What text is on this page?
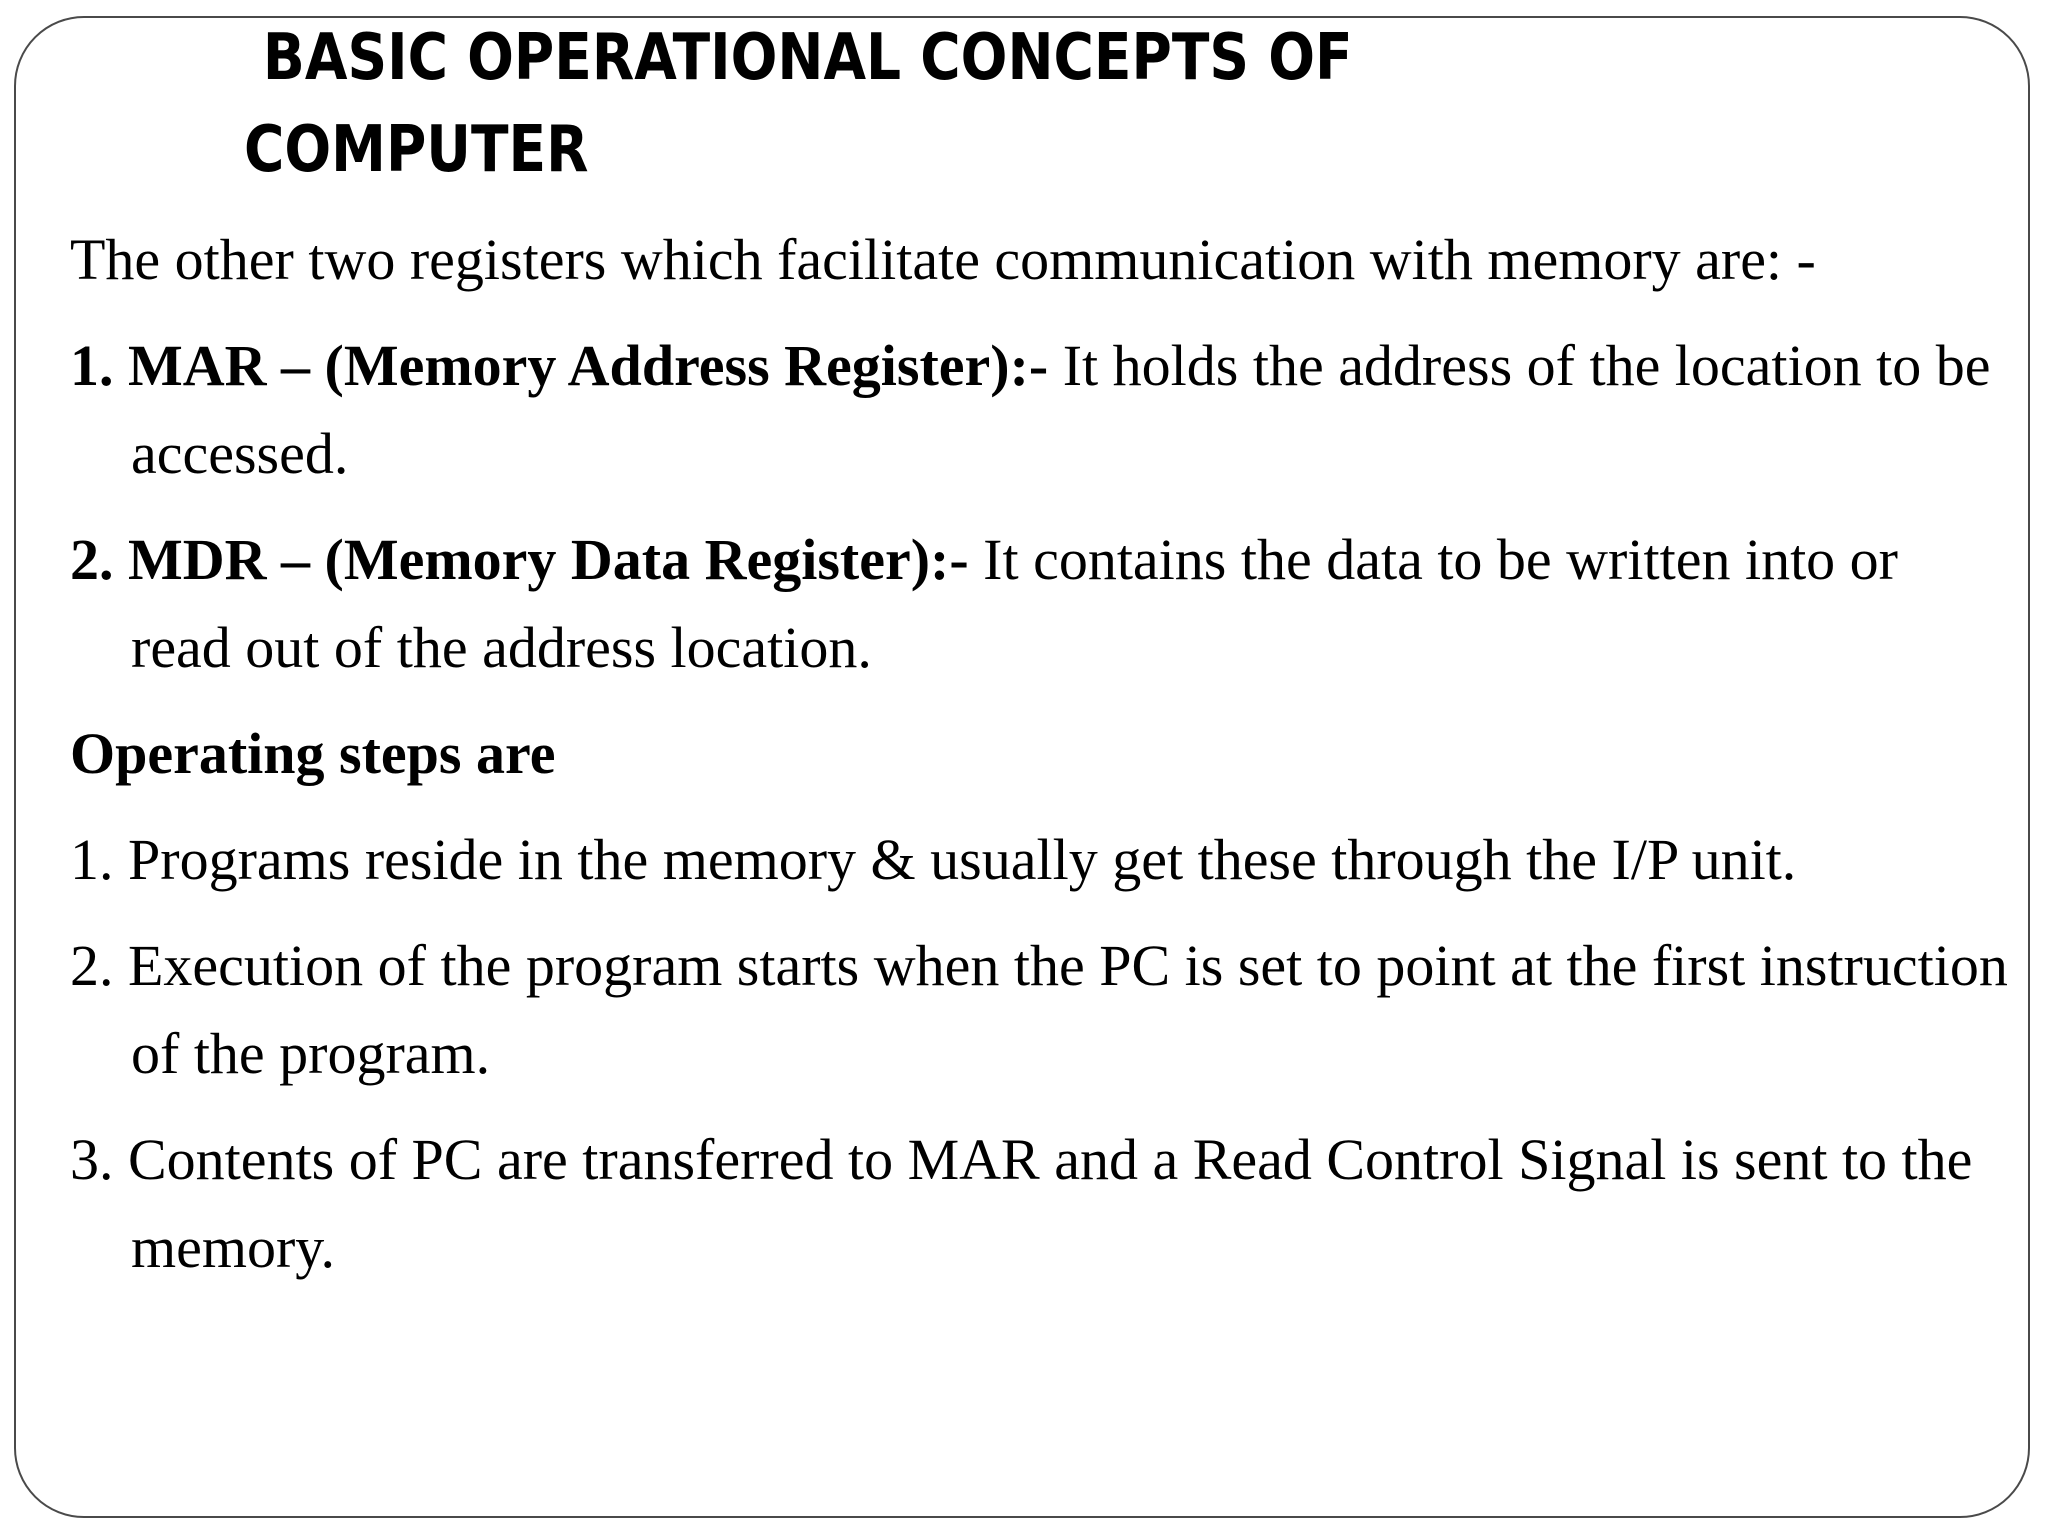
BASIC OPERATIONAL CONCEPTS OF
COMPUTER

The other two registers which facilitate communication with memory are: -

1. MAR – (Memory Address Register):- It holds the address of the location to be accessed.

2. MDR – (Memory Data Register):- It contains the data to be written into or read out of the address location.

Operating steps are

1. Programs reside in the memory & usually get these through the I/P unit.

2. Execution of the program starts when the PC is set to point at the first instruction of the program.

3. Contents of PC are transferred to MAR and a Read Control Signal is sent to the memory.
